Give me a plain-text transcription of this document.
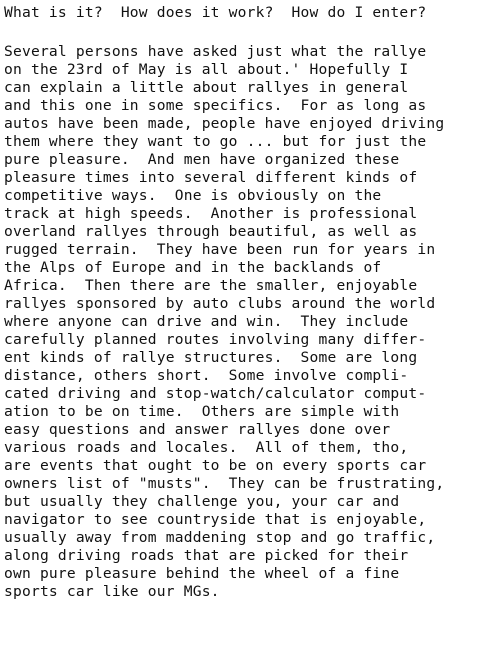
What is it?  How does it work?  How do I enter?
Several persons have asked just what the rallye
on the 23rd of May is all about.' Hopefully I
can explain a little about rallyes in general
and this one in some specifics.  For as long as
autos have been made, people have enjoyed driving
them where they want to go ... but for just the
pure pleasure.  And men have organized these
pleasure times into several different kinds of
competitive ways.  One is obviously on the
track at high speeds.  Another is professional
overland rallyes through beautiful, as well as
rugged terrain.  They have been run for years in
the Alps of Europe and in the backlands of
Africa.  Then there are the smaller, enjoyable
rallyes sponsored by auto clubs around the world
where anyone can drive and win.  They include
carefully planned routes involving many differ-
ent kinds of rallye structures.  Some are long
distance, others short.  Some involve compli-
cated driving and stop-watch/calculator comput-
ation to be on time.  Others are simple with
easy questions and answer rallyes done over
various roads and locales.  All of them, tho,
are events that ought to be on every sports car
owners list of "musts".  They can be frustrating,
but usually they challenge you, your car and
navigator to see countryside that is enjoyable,
usually away from maddening stop and go traffic,
along driving roads that are picked for their
own pure pleasure behind the wheel of a fine
sports car like our MGs.
